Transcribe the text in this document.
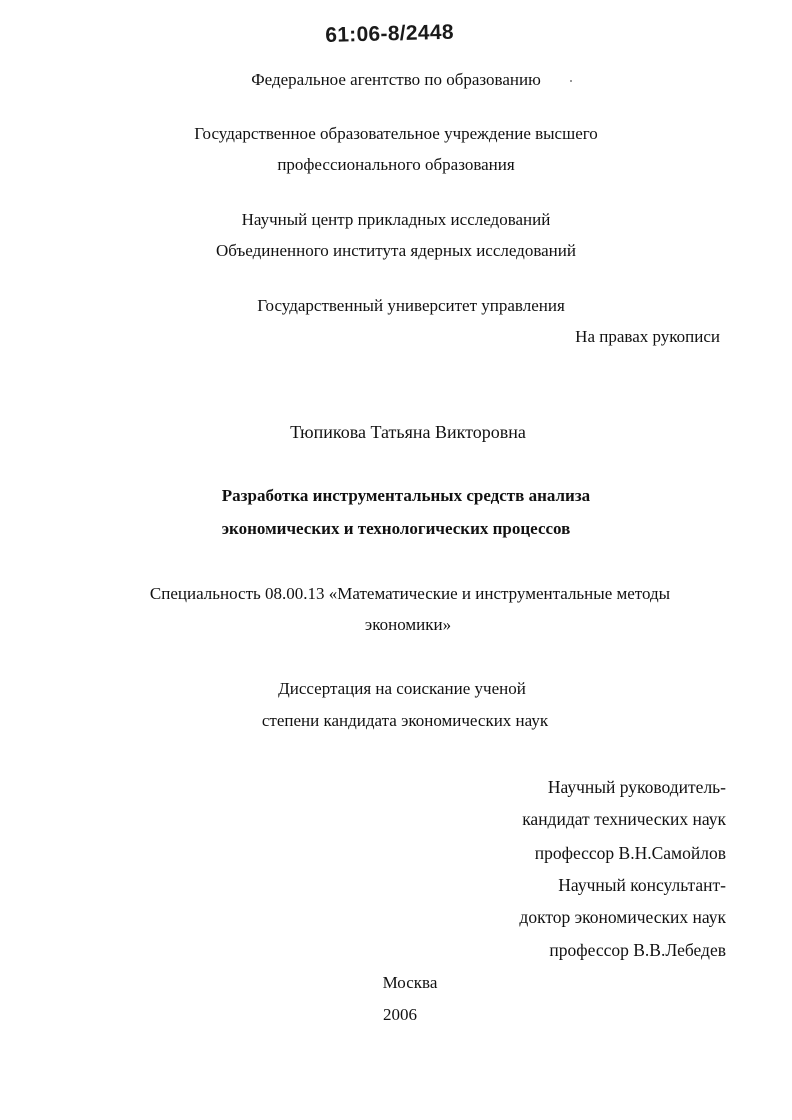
61:06-8/2448
Федеральное агентство по образованию
Государственное образовательное учреждение высшего
профессионального образования
Научный центр прикладных исследований
Объединенного института ядерных исследований
Государственный университет управления
На правах рукописи
Тюпикова Татьяна Викторовна
Разработка инструментальных средств анализа
экономических и технологических процессов
Специальность 08.00.13 «Математические и инструментальные методы
экономики»
Диссертация на соискание ученой
степени кандидата экономических наук
Научный руководитель-
кандидат технических наук
профессор В.Н.Самойлов
Научный консультант-
доктор экономических наук
профессор В.В.Лебедев
Москва
2006
